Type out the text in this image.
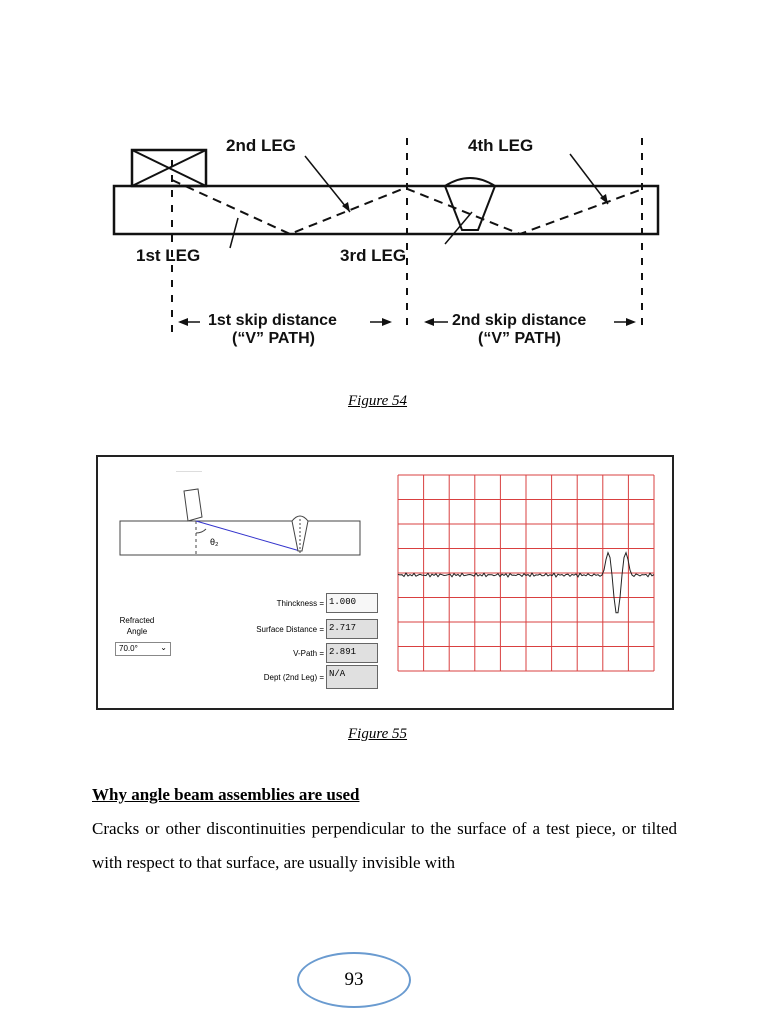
2nd LEG	4th LEG
1st LEG	3rd LEG
1st skip distance
(“V” PATH)
2nd skip distance
(“V” PATH)
Figure 54
θ₂
Refracted Angle
70.0°	⌄
Thinckness = 1.000
Surface Distance = 2.717
V-Path = 2.891
Dept (2nd Leg) = N/A
Figure 55
Why angle beam assemblies are used
Cracks or other discontinuities perpendicular to the surface of a test piece, or tilted with respect to that surface, are usually invisible with
93
